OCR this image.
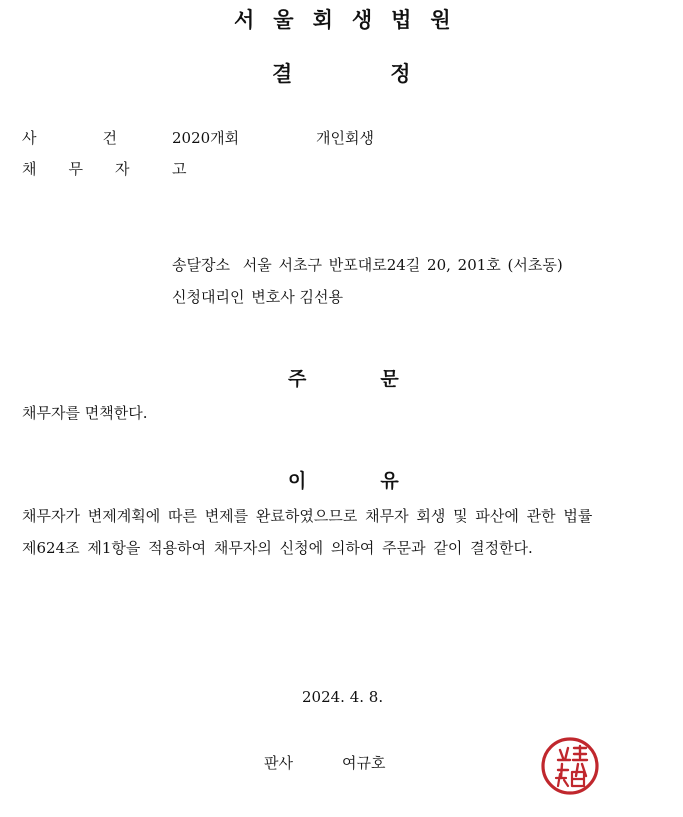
서울회생법원
결정
사건
2020개회	개인회생
채무자 고
송달장소 서울 서초구 반포대로24길 20, 201호 (서초동)
신청대리인 변호사 김선용
주문
채무자를 면책한다.
이유
채무자가 변제계획에 따른 변제를 완료하였으므로 채무자 회생 및 파산에 관한 법률
제624조 제1항을 적용하여 채무자의 신청에 의하여 주문과 같이 결정한다.
2024. 4. 8.
판사	여규호
